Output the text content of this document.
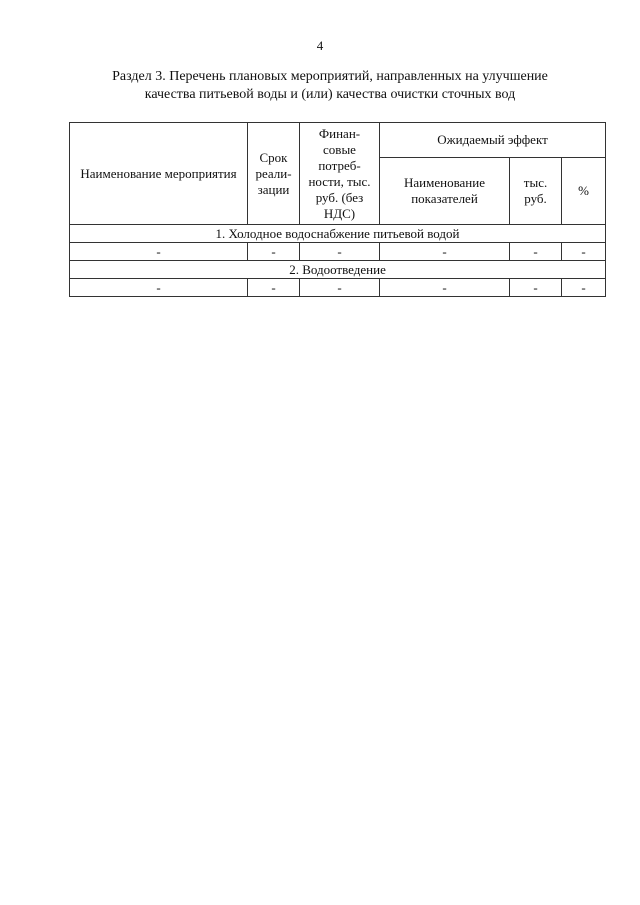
4
Раздел 3. Перечень плановых мероприятий, направленных на улучшение
качества питьевой воды и (или) качества очистки сточных вод
Наименование мероприятия	Срок реали- зации	Финан- совые потреб- ности, тыс. руб. (без НДС)	Ожидаемый эффект		
			Наименование показателей	тыс. руб.	%
1. Холодное водоснабжение питьевой водой					
-	-	-	-	-	-
2. Водоотведение					
-	-	-	-	-	-
